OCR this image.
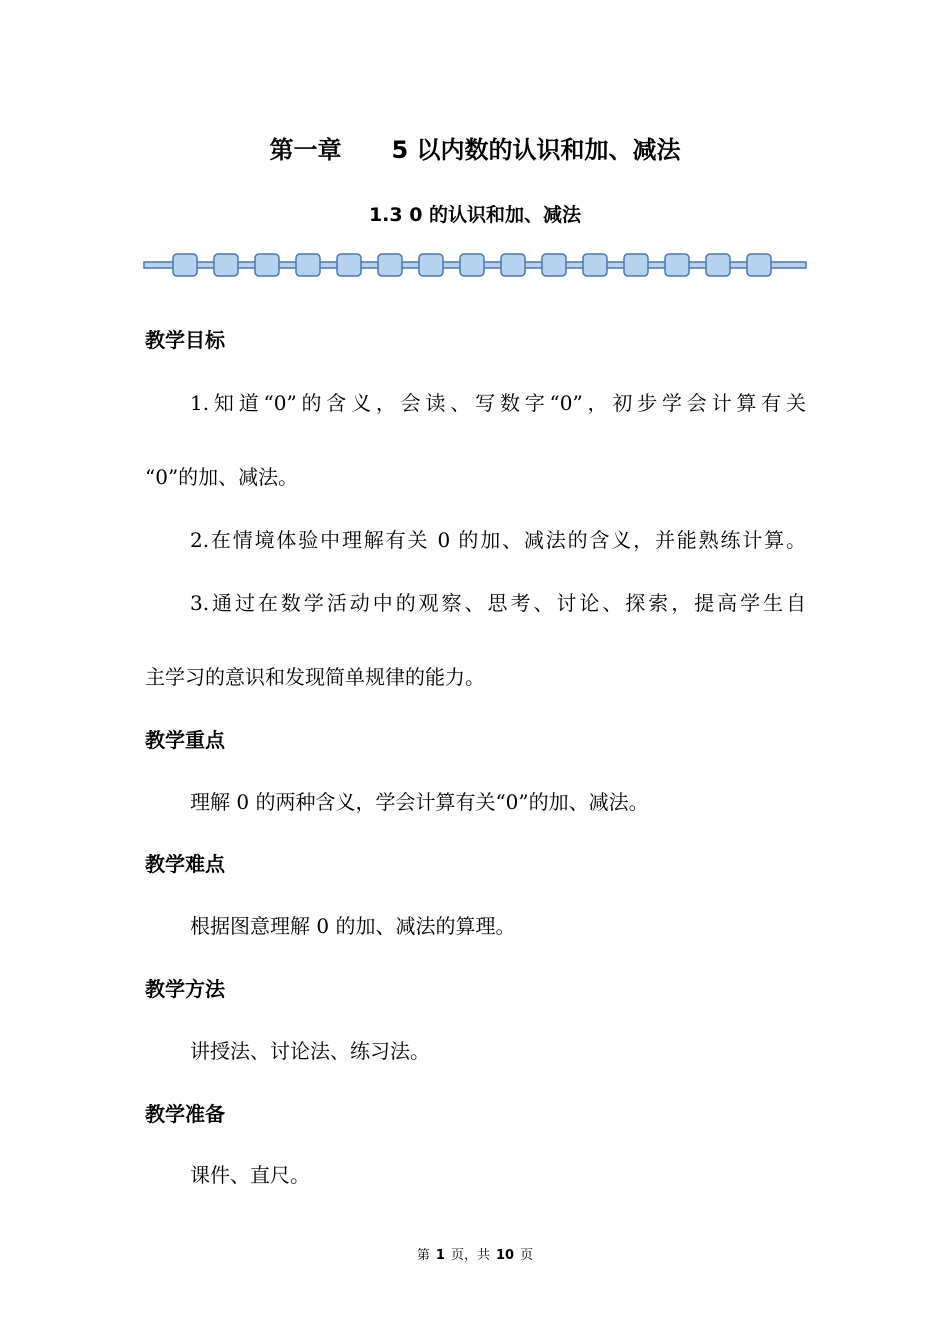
第一章 5 以内数的认识和加、减法
1.3 0 的认识和加、减法
教学目标
1.知道“0”的含义，会读、写数字“0”，初步学会计算有关
“0”的加、减法。
2.在情境体验中理解有关 0 的加、减法的含义，并能熟练计算。
3.通过在数学活动中的观察、思考、讨论、探索，提高学生自
主学习的意识和发现简单规律的能力。
教学重点
理解 0 的两种含义，学会计算有关“0”的加、减法。
教学难点
根据图意理解 0 的加、减法的算理。
教学方法
讲授法、讨论法、练习法。
教学准备
课件、直尺。
第 1 页，共 10 页
